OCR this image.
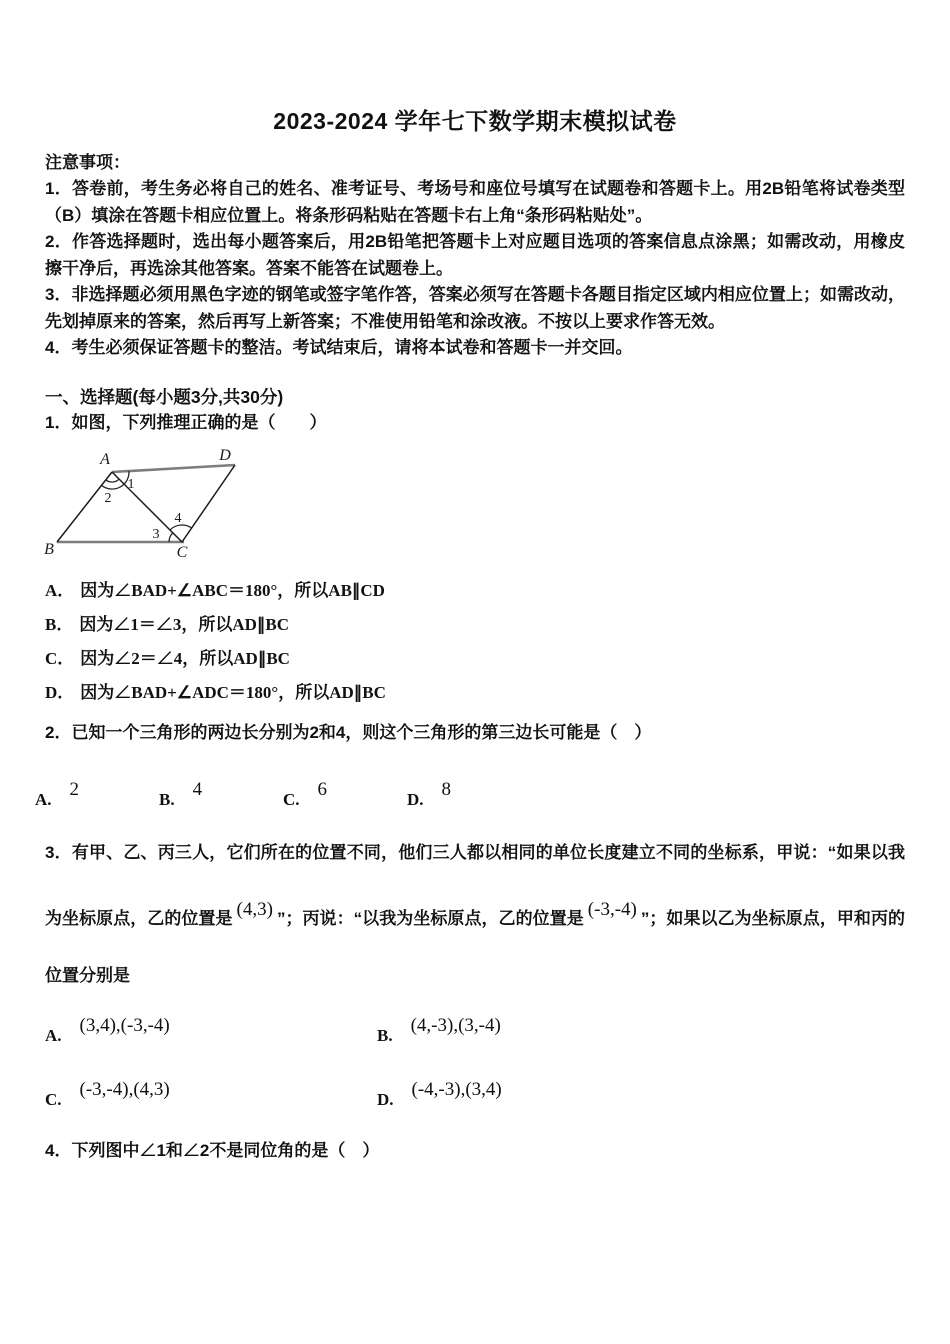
2023-2024 学年七下数学期末模拟试卷

注意事项：

1．答卷前，考生务必将自己的姓名、准考证号、考场号和座位号填写在试题卷和答题卡上。用2B铅笔将试卷类型（B）填涂在答题卡相应位置上。将条形码粘贴在答题卡右上角“条形码粘贴处”。

2．作答选择题时，选出每小题答案后，用2B铅笔把答题卡上对应题目选项的答案信息点涂黑；如需改动，用橡皮擦干净后，再选涂其他答案。答案不能答在试题卷上。

3．非选择题必须用黑色字迹的钢笔或签字笔作答，答案必须写在答题卡各题目指定区域内相应位置上；如需改动，先划掉原来的答案，然后再写上新答案；不准使用铅笔和涂改液。不按以上要求作答无效。

4．考生必须保证答题卡的整洁。考试结束后，请将本试卷和答题卡一并交回。

一、选择题(每小题3分,共30分)

1．如图，下列推理正确的是（　　）

A	D
B	C
1
2
3
4
A． 因为∠BAD+∠ABC＝180°，所以AB∥CD
B． 因为∠1＝∠3，所以AD∥BC
C． 因为∠2＝∠4，所以AD∥BC
D． 因为∠BAD+∠ADC＝180°，所以AD∥BC

2．已知一个三角形的两边长分别为2和4，则这个三角形的第三边长可能是（　）

A. 2	B. 4	C. 6	D. 8

3．有甲、乙、丙三人，它们所在的位置不同，他们三人都以相同的单位长度建立不同的坐标系，甲说：“如果以我为坐标原点，乙的位置是 (4,3) ”；丙说：“以我为坐标原点，乙的位置是 (-3,-4) ”；如果以乙为坐标原点，甲和丙的位置分别是

A. (3,4),(-3,-4)	B. (4,-3),(3,-4)
C. (-3,-4),(4,3)	D. (-4,-3),(3,4)

4．下列图中∠1和∠2不是同位角的是（　）
